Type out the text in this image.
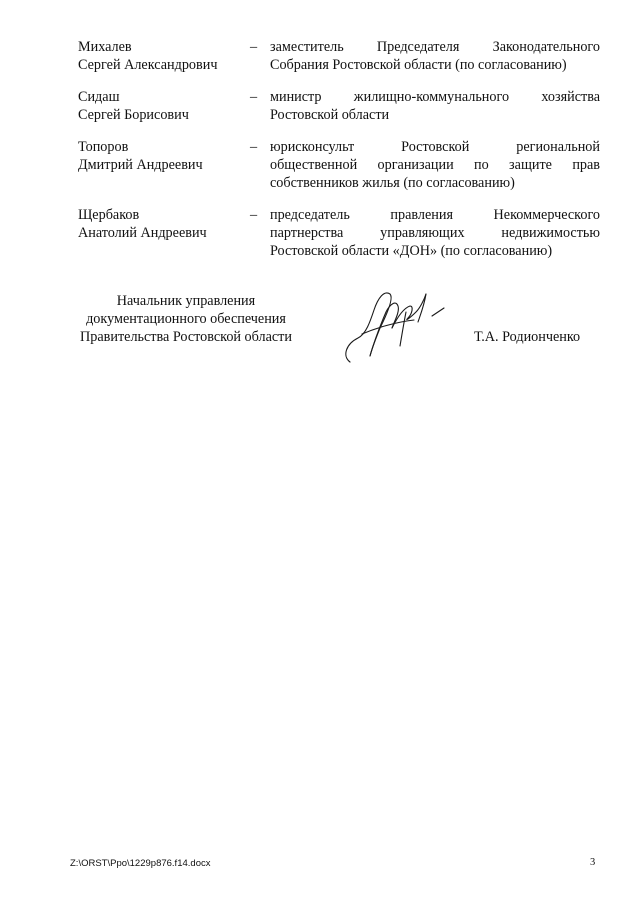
Михалев
Сергей Александрович
– заместитель Председателя Законодательного
Собрания Ростовской области (по согласованию)
Сидаш
Сергей Борисович
– министр жилищно-коммунального хозяйства
Ростовской области
Топоров
Дмитрий Андреевич
– юрисконсульт Ростовской региональной
общественной организации по защите прав
собственников жилья (по согласованию)
Щербаков
Анатолий Андреевич
– председатель правления Некоммерческого
партнерства управляющих недвижимостью
Ростовской области «ДОН» (по согласованию)
Начальник управления
документационного обеспечения
Правительства Ростовской области	Т.А. Родионченко
Z:\ORST\Ppo\1229p876.f14.docx	3
